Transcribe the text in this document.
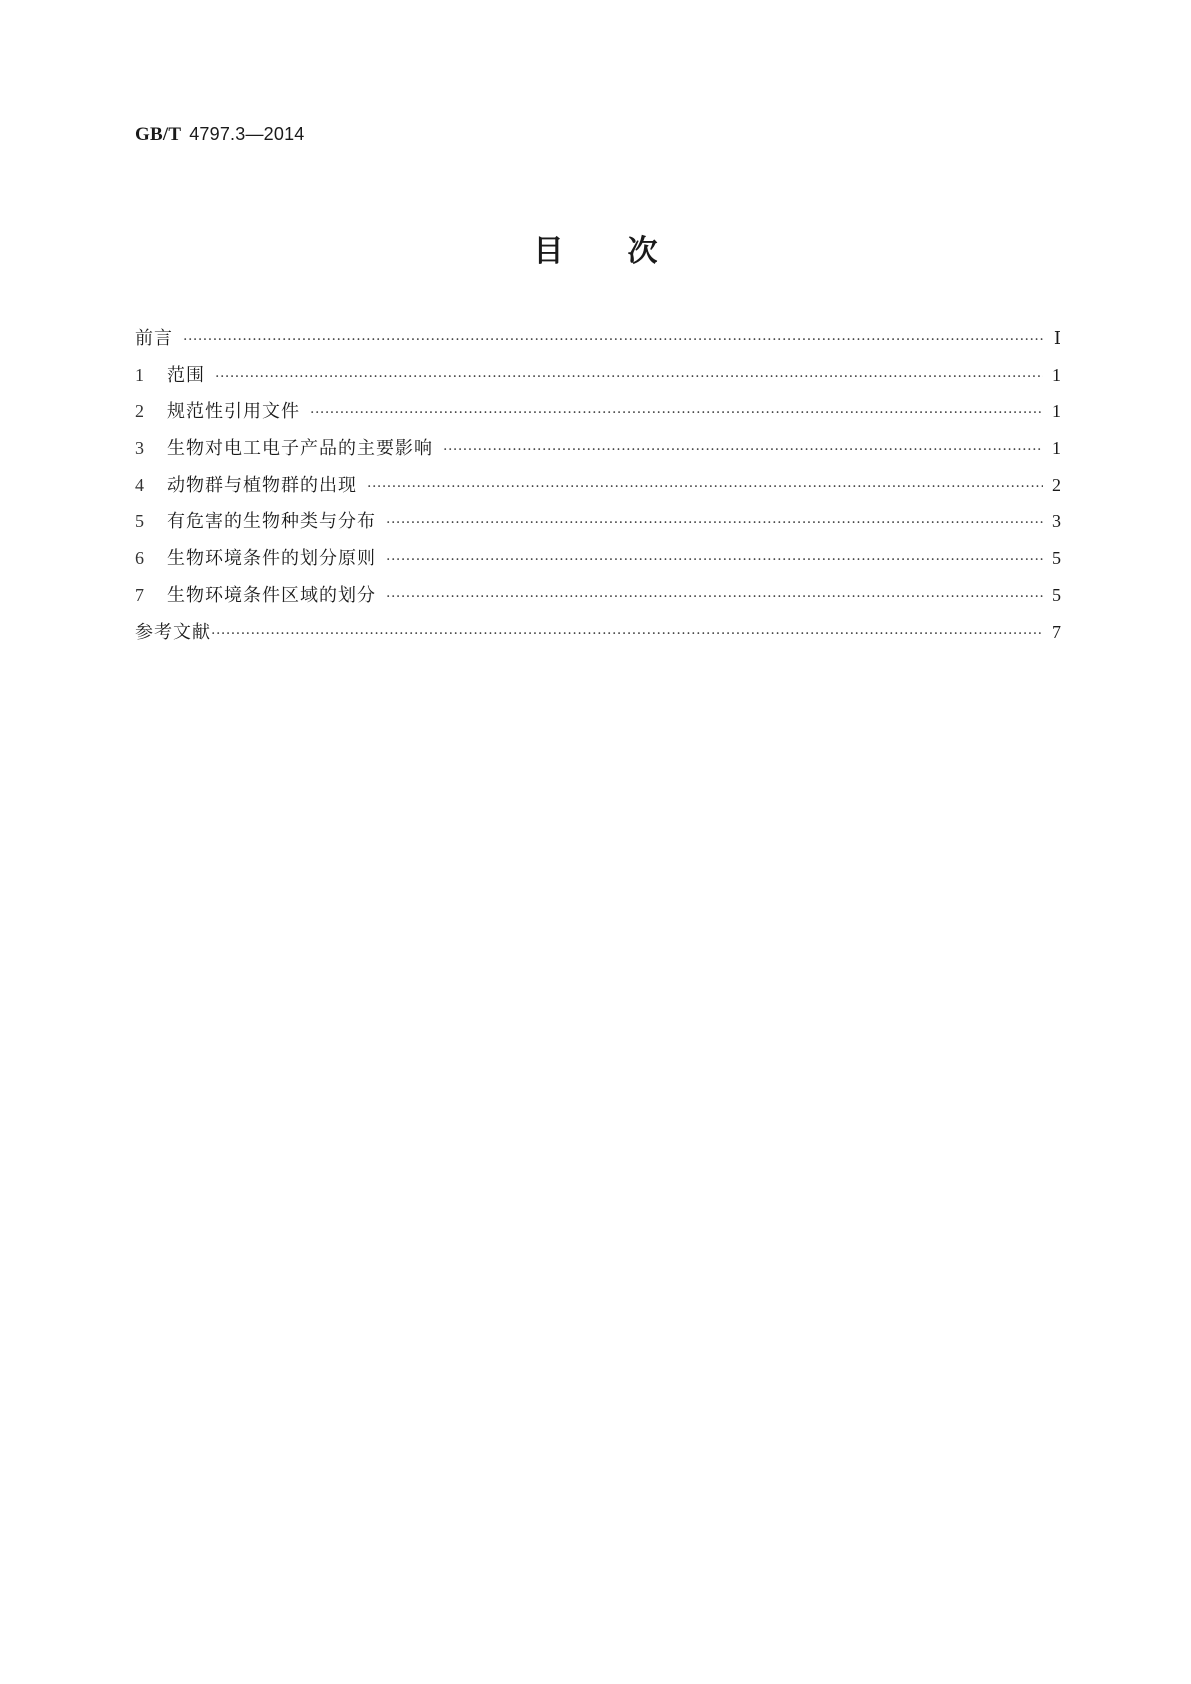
GB/T 4797.3—2014
目次
前言 ·····	Ⅰ
1	范围 ·····	1
2	规范性引用文件 ·····	1
3	生物对电工电子产品的主要影响 ·····	1
4	动物群与植物群的出现 ·····	2
5	有危害的生物种类与分布 ·····	3
6	生物环境条件的划分原则 ·····	5
7	生物环境条件区域的划分 ·····	5
参考文献 ·····	7
